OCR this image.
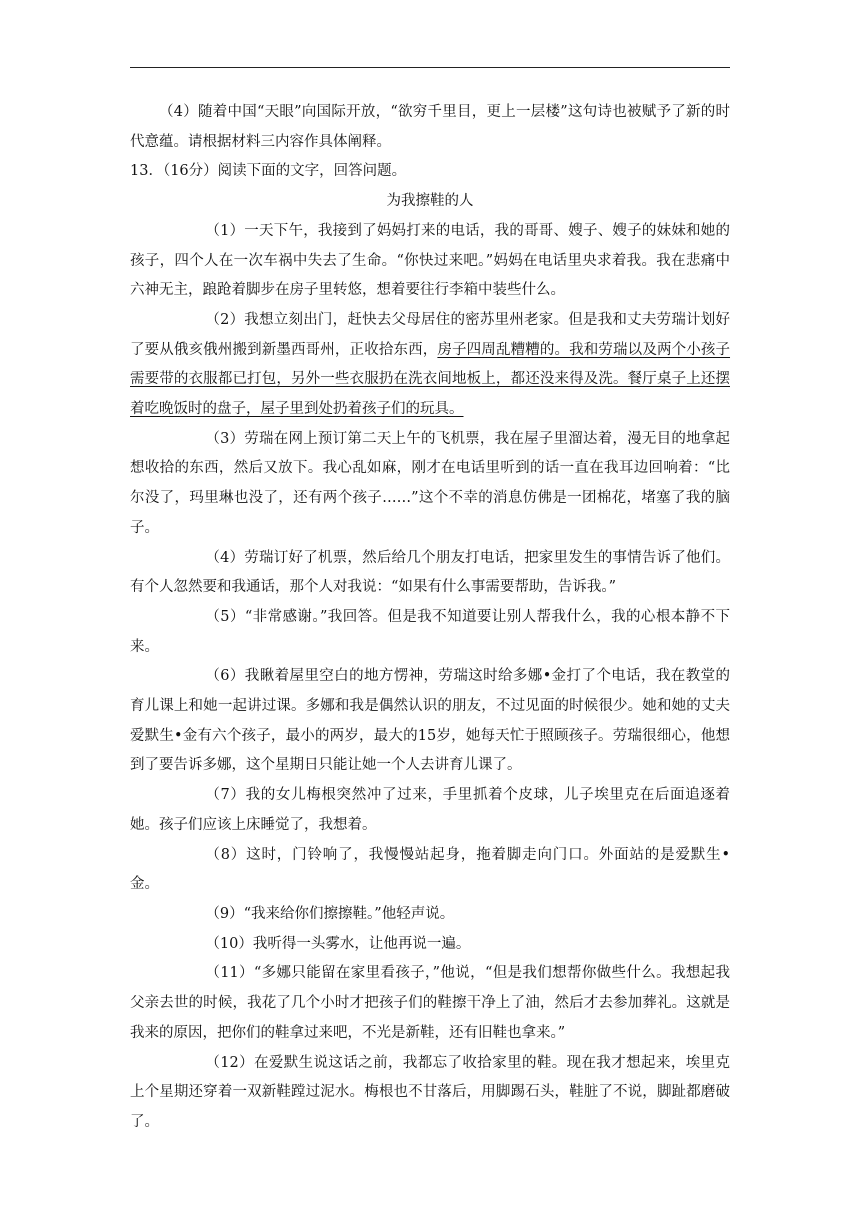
（4）随着中国“天眼”向国际开放，“欲穷千里目，更上一层楼”这句诗也被赋予了新的时代意蕴。请根据材料三内容作具体阐释。

13．（16分）阅读下面的文字，回答问题。

为我擦鞋的人

（1）一天下午，我接到了妈妈打来的电话，我的哥哥、嫂子、嫂子的妹妹和她的孩子，四个人在一次车祸中失去了生命。“你快过来吧。”妈妈在电话里央求着我。我在悲痛中六神无主，踉跄着脚步在房子里转悠，想着要往行李箱中装些什么。

（2）我想立刻出门，赶快去父母居住的密苏里州老家。但是我和丈夫劳瑞计划好了要从俄亥俄州搬到新墨西哥州，正收拾东西，房子四周乱糟糟的。我和劳瑞以及两个小孩子需要带的衣服都已打包，另外一些衣服扔在洗衣间地板上，都还没来得及洗。餐厅桌子上还摆着吃晚饭时的盘子，屋子里到处扔着孩子们的玩具。

（3）劳瑞在网上预订第二天上午的飞机票，我在屋子里溜达着，漫无目的地拿起想收拾的东西，然后又放下。我心乱如麻，刚才在电话里听到的话一直在我耳边回响着：“比尔没了，玛里琳也没了，还有两个孩子……”这个不幸的消息仿佛是一团棉花，堵塞了我的脑子。

（4）劳瑞订好了机票，然后给几个朋友打电话，把家里发生的事情告诉了他们。有个人忽然要和我通话，那个人对我说：“如果有什么事需要帮助，告诉我。”

（5）“非常感谢。”我回答。但是我不知道要让别人帮我什么，我的心根本静不下来。

（6）我瞅着屋里空白的地方愣神，劳瑞这时给多娜•金打了个电话，我在教堂的育儿课上和她一起讲过课。多娜和我是偶然认识的朋友，不过见面的时候很少。她和她的丈夫爱默生•金有六个孩子，最小的两岁，最大的15岁，她每天忙于照顾孩子。劳瑞很细心，他想到了要告诉多娜，这个星期日只能让她一个人去讲育儿课了。

（7）我的女儿梅根突然冲了过来，手里抓着个皮球，儿子埃里克在后面追逐着她。孩子们应该上床睡觉了，我想着。

（8）这时，门铃响了，我慢慢站起身，拖着脚走向门口。外面站的是爱默生•金。

（9）“我来给你们擦擦鞋。”他轻声说。

（10）我听得一头雾水，让他再说一遍。

（11）“多娜只能留在家里看孩子，”他说，“但是我们想帮你做些什么。我想起我父亲去世的时候，我花了几个小时才把孩子们的鞋擦干净上了油，然后才去参加葬礼。这就是我来的原因，把你们的鞋拿过来吧，不光是新鞋，还有旧鞋也拿来。”

（12）在爱默生说这话之前，我都忘了收拾家里的鞋。现在我才想起来，埃里克上个星期还穿着一双新鞋蹚过泥水。梅根也不甘落后，用脚踢石头，鞋脏了不说，脚趾都磨破了。
